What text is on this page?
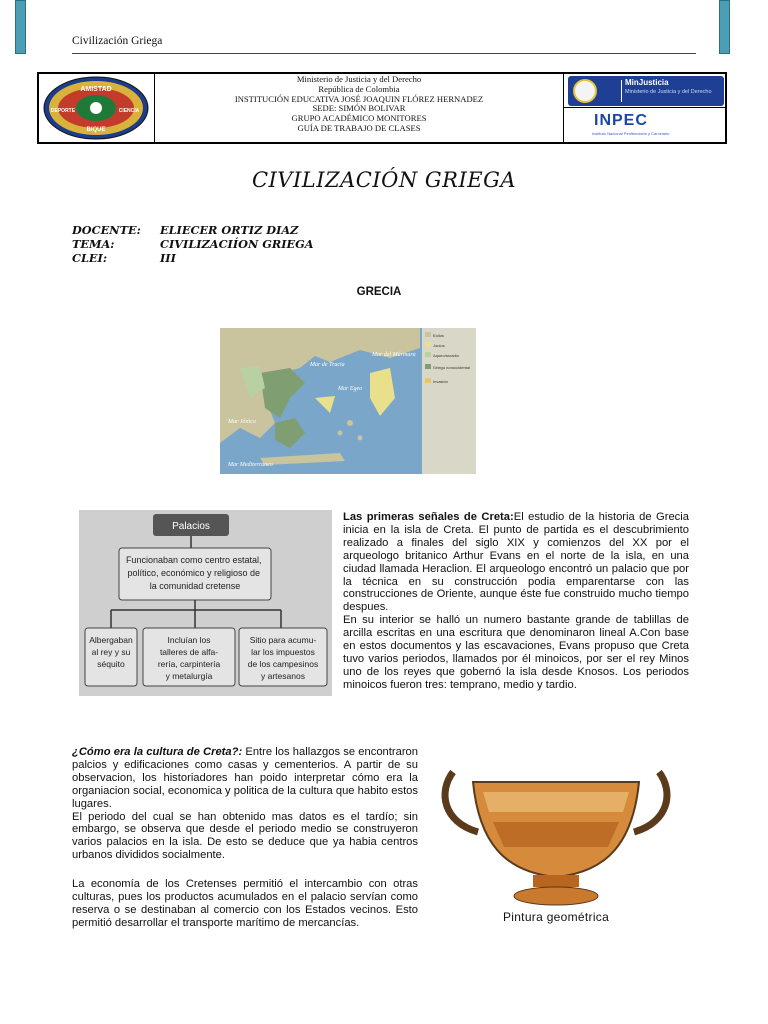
Civilización Griega
AMISTAD
DEPORTE	CIENCIA
BIQUE
Ministerio de Justicia y del Derecho
República de Colombia
INSTITUCIÓN EDUCATIVA JOSÉ JOAQUIN FLÓREZ HERNADEZ
SEDE: SIMÓN BOLIVAR
GRUPO ACADÉMICO MONITORES
GUÍA DE TRABAJO DE CLASES
MinJusticia
Ministerio de Justicia y del Derecho
INPEC
Instituto Nacional Penitenciario y Carcelario
CIVILIZACIÓN GRIEGA
DOCENTE: ELIECER ORTIZ DIAZ
TEMA:	CIVILIZACIÍON GRIEGA
CLEI:	III
GRECIA
Eolios
Jonios
Aqueo/arcadio
Griego noroccidental
Invasión
Mar de Tracia
Mar del Mármara
Mar Egeo
Mar Jónico
Mar Mediterráneo
Palacios
Funcionaban como centro estatal, político, económico y religioso de la comunidad cretense
Albergaban al rey y su séquito
Incluían los talleres de alfa-rería, carpintería y metalurgía
Sitio para acumu-lar los impuestos de los campesinos y artesanos
Las primeras señales de Creta:El estudio de la historia de Grecia inicia en la isla de Creta. El punto de partida es el descubrimiento realizado a finales del siglo XIX y comienzos del XX por el arqueologo britanico Arthur Evans en el norte de la isla, en una ciudad llamada Heraclion. El arqueologo encontró un palacio que por la técnica en su construcción podia emparentarse con las construcciones de Oriente, aunque éste fue construido mucho tiempo despues.
En su interior se halló un numero bastante grande de tablillas de arcilla escritas en una escritura que denominaron lineal A.Con base en estos documentos y las escavaciones, Evans propuso que Creta tuvo varios periodos, llamados por él minoicos, por ser el rey Minos uno de los reyes que gobernó la isla desde Knosos. Los periodos minoicos fueron tres: temprano, medio y tardio.
¿Cómo era la cultura de Creta?: Entre los hallazgos se encontraron palcios y edificaciones como casas y cementerios. A partir de su observacion, los historiadores han poido interpretar cómo era la organiacion social, economica y politica de la cultura que habito estos lugares.
El periodo del cual se han obtenido mas datos es el tardío; sin embargo, se observa que desde el periodo medio se construyeron varios palacios en la isla. De esto se deduce que ya habia centros urbanos divididos socialmente.
La economía de los Cretenses permitió el intercambio con otras culturas, pues los productos acumulados en el palacio servían como reserva o se destinaban al comercio con los Estados vecinos. Esto permitió desarrollar el transporte marítimo de mercancías.	Pintura geométrica
